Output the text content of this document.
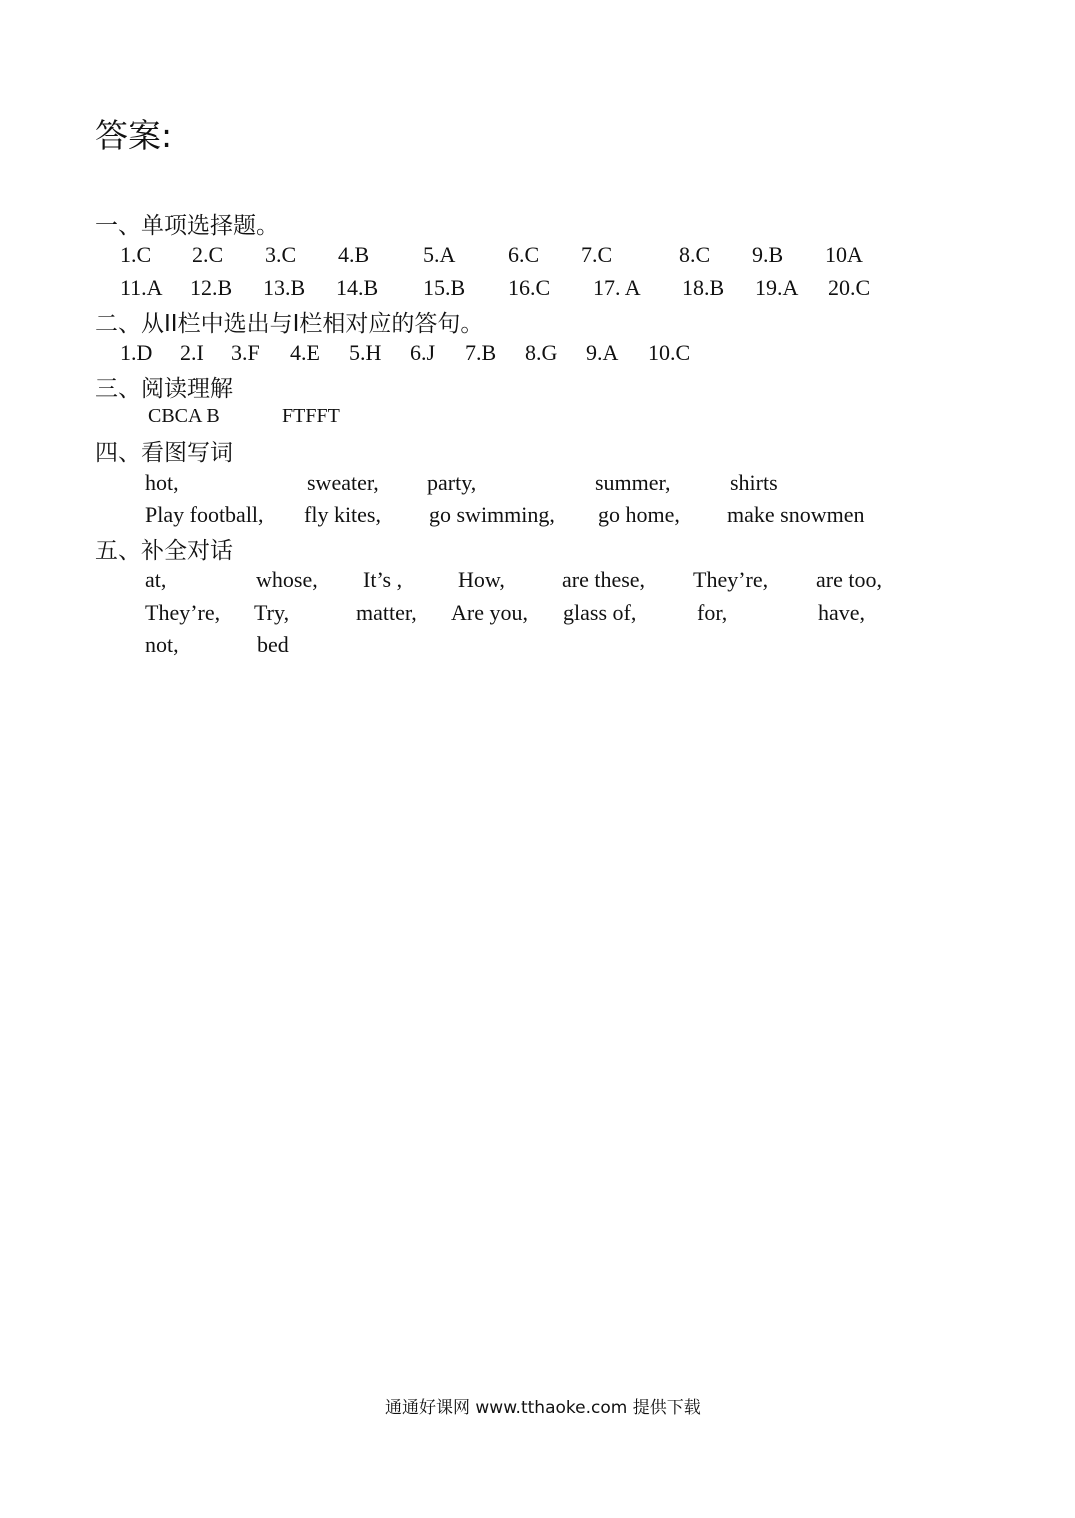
答案:
一、单项选择题。
1.C 2.C 3.C 4.B 5.A 6.C 7.C	8.C 9.B 10A
11.A 12.B 13.B 14.B 15.B 16.C 17. A 18.B 19.A 20.C
二、从II栏中选出与I栏相对应的答句。
1.D 2.I 3.F 4.E 5.H 6.J 7.B 8.G 9.A 10.C
三、阅读理解
CBCA B	FTFFT
四、看图写词
hot,	sweater, party,	summer,	shirts
Play football, fly kites, go swimming, go home, make snowmen
五、补全对话
at,	whose, It’s ,	How,	are these, They’re, are too,
They’re, Try,	matter, Are you, glass of,	for,	have,
not,	bed
通通好课网 www.tthaoke.com 提供下载
